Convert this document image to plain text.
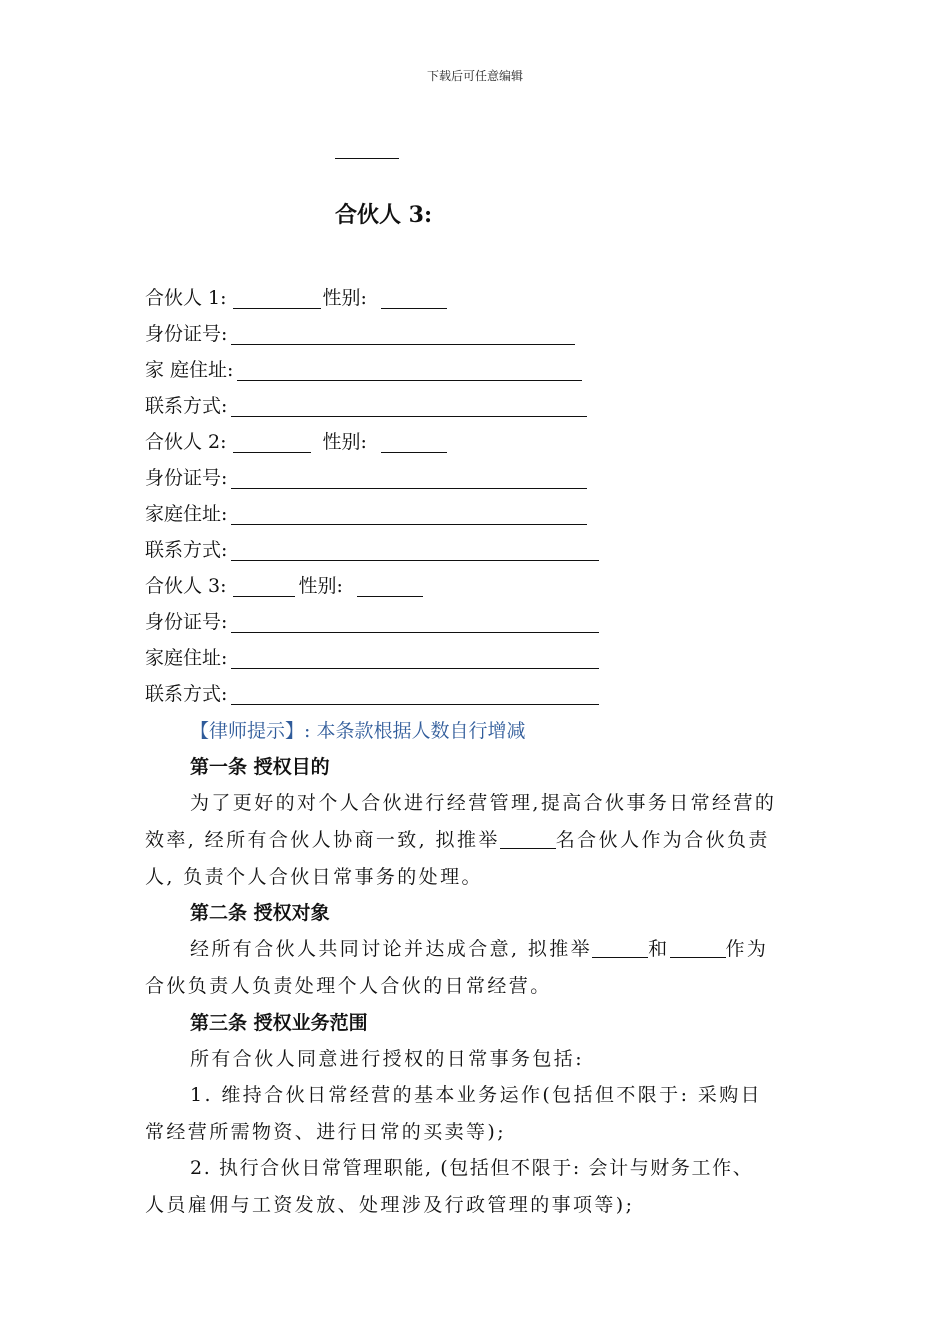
下载后可任意编辑
合伙人 3:
合伙人 1:	性别:
身份证号:
家 庭住址:
联系方式:
合伙人 2:	性别:
身份证号:
家庭住址:
联系方式:
合伙人 3:	性别:
身份证号:
家庭住址:
联系方式:
【律师提示】: 本条款根据人数自行增减
第一条 授权目的
为了更好的对个人合伙进行经营管理,提高合伙事务日常经营的
效率, 经所有合伙人协商一致, 拟推举	名合伙人作为合伙负责
人, 负责个人合伙日常事务的处理。
第二条 授权对象
经所有合伙人共同讨论并达成合意, 拟推举	和	作为
合伙负责人负责处理个人合伙的日常经营。
第三条 授权业务范围
所有合伙人同意进行授权的日常事务包括:
1. 维持合伙日常经营的基本业务运作(包括但不限于: 采购日
常经营所需物资、进行日常的买卖等);
2. 执行合伙日常管理职能, (包括但不限于: 会计与财务工作、
人员雇佣与工资发放、处理涉及行政管理的事项等);
